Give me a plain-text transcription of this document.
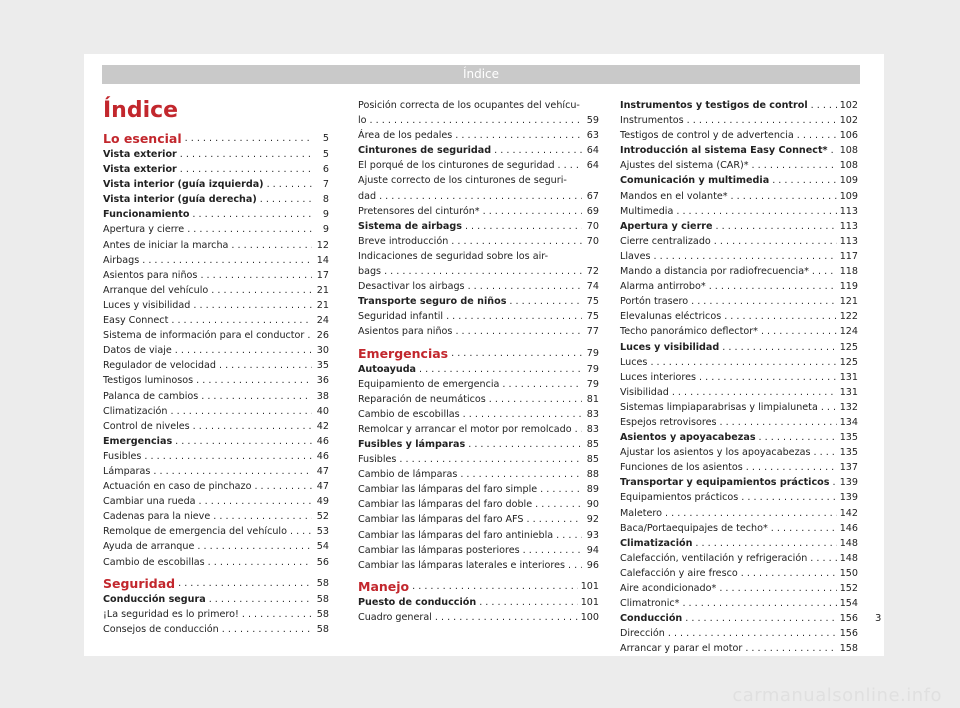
Índice
Índice
Lo esencial . . .	5
Vista exterior . . .	5
Vista exterior . . .	6
Vista interior (guía izquierda) . . .	7
Vista interior (guía derecha) . . .	8
Funcionamiento . . .	9
Apertura y cierre . . .	9
Antes de iniciar la marcha . . .	12
Airbags . . .	14
Asientos para niños . . .	17
Arranque del vehículo . . .	21
Luces y visibilidad . . .	21
Easy Connect . . .	24
Sistema de información para el conductor . . . 26
Datos de viaje . . .	30
Regulador de velocidad . . .	35
Testigos luminosos . . .	36
Palanca de cambios . . .	38
Climatización . . .	40
Control de niveles . . .	42
Emergencias . . .	46
Fusibles . . .	46
Lámparas . . .	47
Actuación en caso de pinchazo . . .	47
Cambiar una rueda . . .	49
Cadenas para la nieve . . .	52
Remolque de emergencia del vehículo . . .	53
Ayuda de arranque . . .	54
Cambio de escobillas . . .	56
Seguridad . . .	58
Conducción segura . . .	58
¡La seguridad es lo primero! . . .	58
Consejos de conducción . . .	58
Posición correcta de los ocupantes del vehícu-
lo . . .	59
Área de los pedales . . .	63
Cinturones de seguridad . . .	64
El porqué de los cinturones de seguridad . . .	64
Ajuste correcto de los cinturones de seguri-
dad . . .	67
Pretensores del cinturón* . . .	69
Sistema de airbags . . .	70
Breve introducción . . .	70
Indicaciones de seguridad sobre los air-
bags . . .	72
Desactivar los airbags . . .	74
Transporte seguro de niños . . .	75
Seguridad infantil . . .	75
Asientos para niños . . .	77
Emergencias . . .	79
Autoayuda . . .	79
Equipamiento de emergencia . . .	79
Reparación de neumáticos . . .	81
Cambio de escobillas . . .	83
Remolcar y arrancar el motor por remolcado . . . 83
Fusibles y lámparas . . .	85
Fusibles . . .	85
Cambio de lámparas . . .	88
Cambiar las lámparas del faro simple . . .	89
Cambiar las lámparas del faro doble . . .	90
Cambiar las lámparas del faro AFS . . .	92
Cambiar las lámparas del faro antiniebla . . .	93
Cambiar las lámparas posteriores . . .	94
Cambiar las lámparas laterales e interiores . . . 96
Manejo . . .	101
Puesto de conducción . . .	101
Cuadro general . . .	100
Instrumentos y testigos de control . . .	102
Instrumentos . . .	102
Testigos de control y de advertencia . . .	106
Introducción al sistema Easy Connect* . . . 108
Ajustes del sistema (CAR)* . . .	108
Comunicación y multimedia . . .	109
Mandos en el volante* . . .	109
Multimedia . . .	113
Apertura y cierre . . .	113
Cierre centralizado . . .	113
Llaves . . .	117
Mando a distancia por radiofrecuencia* . . .	118
Alarma antirrobo* . . .	119
Portón trasero . . .	121
Elevalunas eléctricos . . .	122
Techo panorámico deflector* . . .	124
Luces y visibilidad . . .	125
Luces . . .	125
Luces interiores . . .	131
Visibilidad . . .	131
Sistemas limpiaparabrisas y limpialuneta . . . 132
Espejos retrovisores . . .	134
Asientos y apoyacabezas . . .	135
Ajustar los asientos y los apoyacabezas . . .	135
Funciones de los asientos . . .	137
Transportar y equipamientos prácticos . . . 139
Equipamientos prácticos . . .	139
Maletero . . .	142
Baca/Portaequipajes de techo* . . .	146
Climatización . . .	148
Calefacción, ventilación y refrigeración . . .	148
Calefacción y aire fresco . . .	150
Aire acondicionado* . . .	152
Climatronic* . . .	154
Conducción . . .	156
Dirección . . .	156
Arrancar y parar el motor . . .	158
3
carmanualsonline.info
